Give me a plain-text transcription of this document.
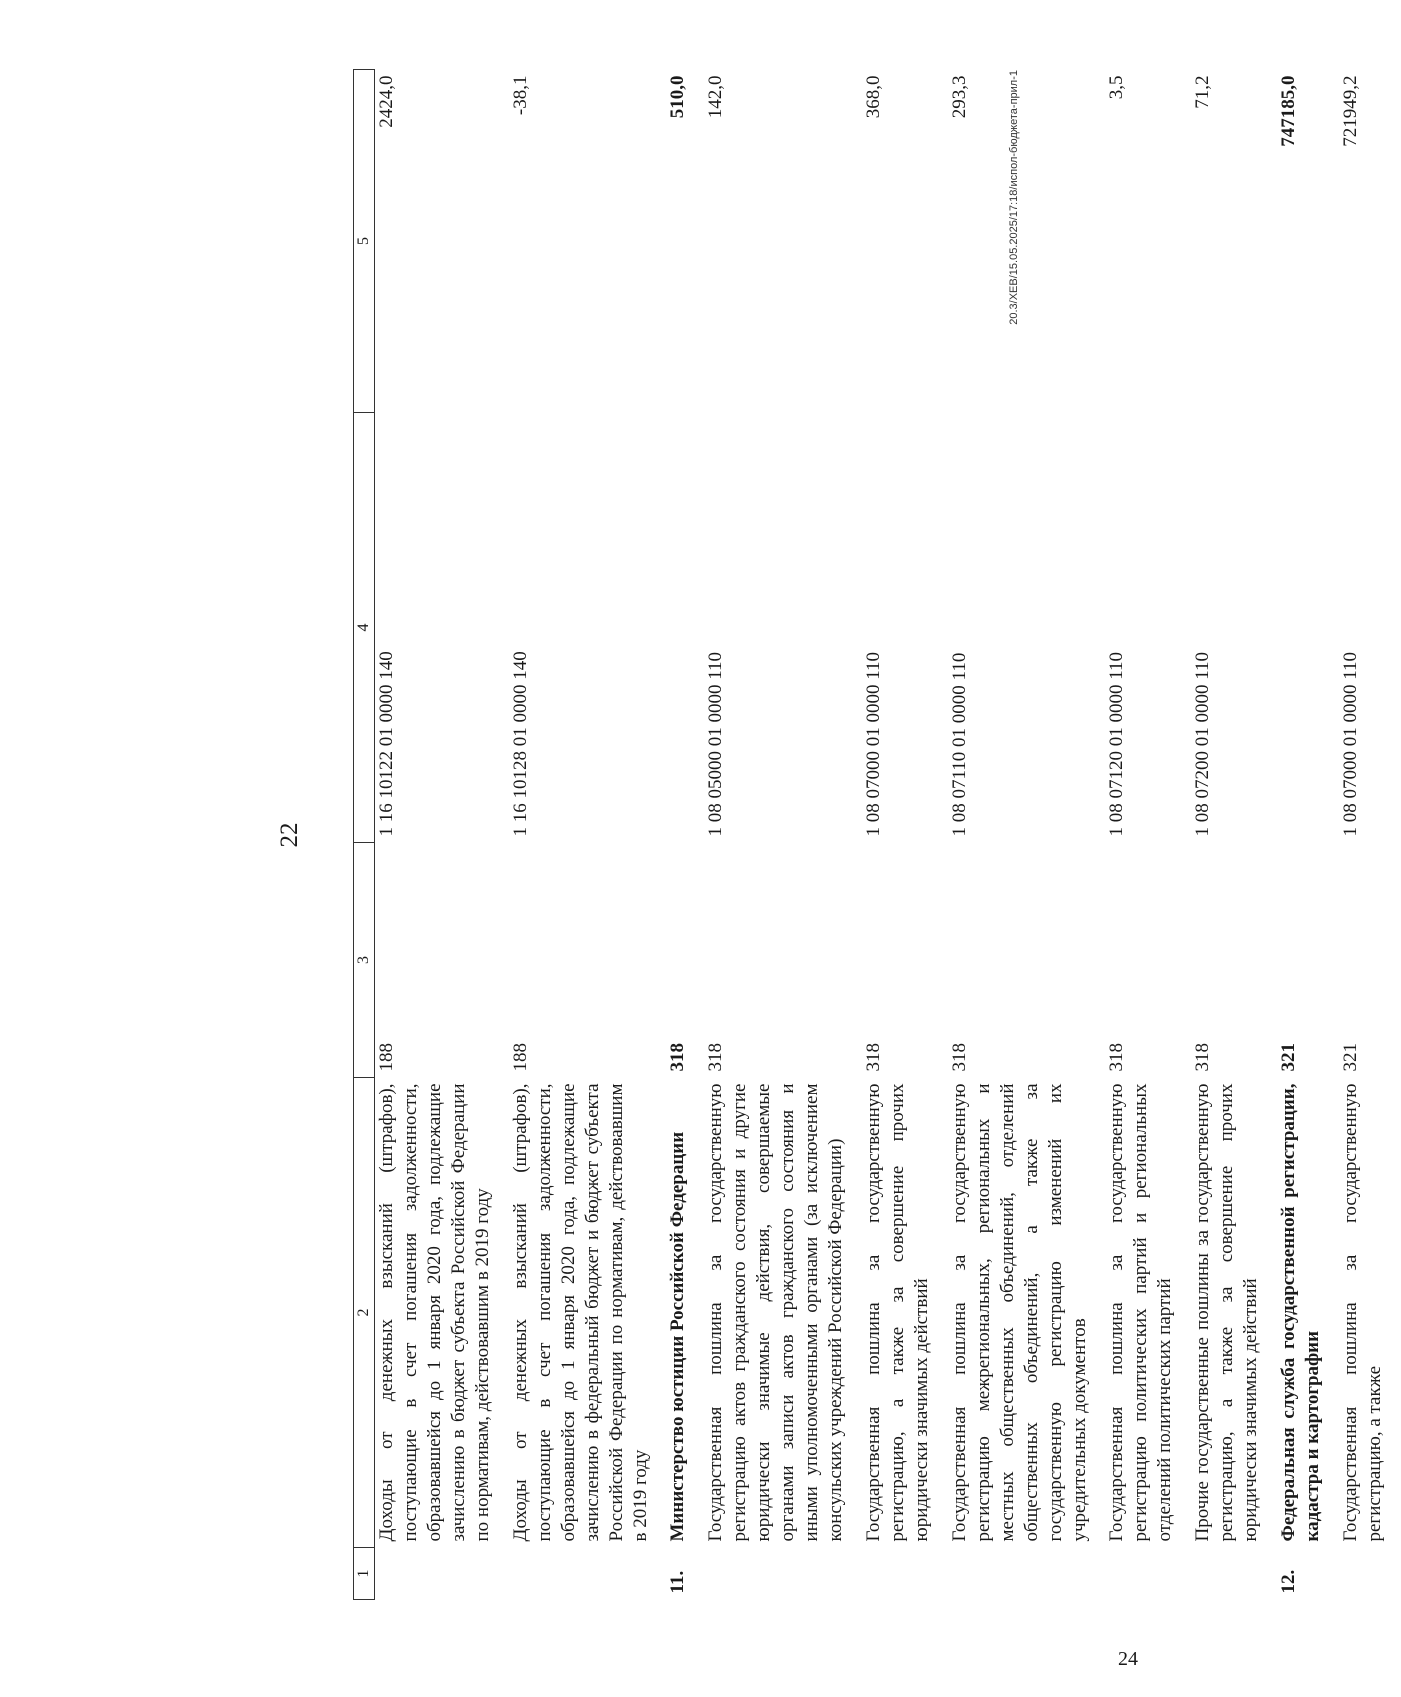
22
1	2	3	4	5
	Доходы от денежных взысканий (штрафов), поступающие в счет погашения задолженности, образовавшейся до 1 января 2020 года, подлежащие зачислению в бюджет субъекта Российской Федерации по нормативам, действовавшим в 2019 году	188	1 16 10122 01 0000 140	2424,0
	Доходы от денежных взысканий (штрафов), поступающие в счет погашения задолженности, образовавшейся до 1 января 2020 года, подлежащие зачислению в федеральный бюджет и бюджет субъекта Российской Федерации по нормативам, действовавшим в 2019 году	188	1 16 10128 01 0000 140	-38,1
11.	Министерство юстиции Российской Федерации	318		510,0
	Государственная пошлина за государственную регистрацию актов гражданского состояния и другие юридически значимые действия, совершаемые органами записи актов гражданского состояния и иными уполномоченными органами (за исключением консульских учреждений Российской Федерации)	318	1 08 05000 01 0000 110	142,0
	Государственная пошлина за государственную регистрацию, а также за совершение прочих юридически значимых действий	318	1 08 07000 01 0000 110	368,0
	Государственная пошлина за государственную регистрацию межрегиональных, региональных и местных общественных объединений, отделений общественных объединений, а также за государственную регистрацию изменений их учредительных документов	318	1 08 07110 01 0000 110	293,3
	Государственная пошлина за государственную регистрацию политических партий и региональных отделений политических партий	318	1 08 07120 01 0000 110	3,5
	Прочие государственные пошлины за государственную регистрацию, а также за совершение прочих юридически значимых действий	318	1 08 07200 01 0000 110	71,2
12.	Федеральная служба государственной регистрации, кадастра и картографии	321		747185,0
	Государственная пошлина за государственную регистрацию, а также	321	1 08 07000 01 0000 110	721949,2
20.3/XEB/15.05.2025/17:18/испол-бюджета-прил-1
24
